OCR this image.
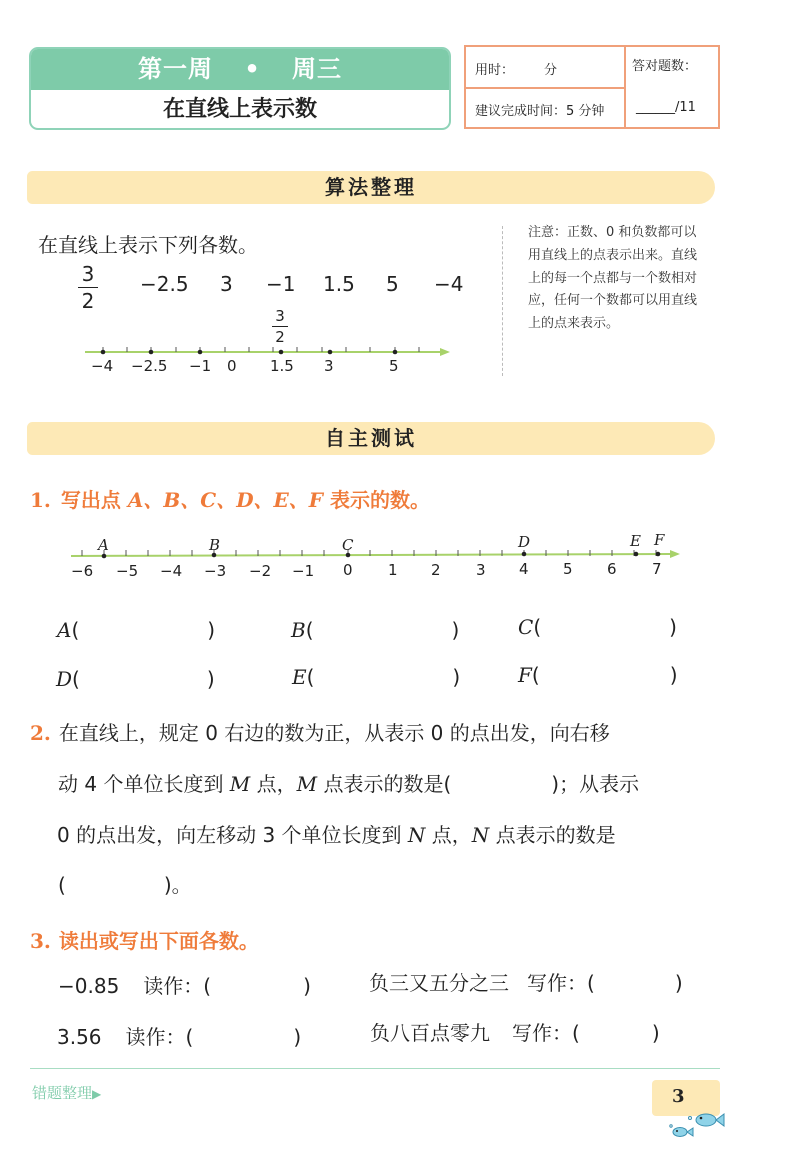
第一周 • 周三
在直线上表示数
用时： 分	答对题数：
建议完成时间：5 分钟 ______/11
算法整理
在直线上表示下列各数。
3
2
−2.5 3 −1 1.5 5 −4
3
2
−4 −2.5 −1 0 1.5 3	5
注意：正数、0 和负数都可以用直线上的点表示出来。直线上的每一个点都与一个数相对应，任何一个数都可以用直线上的点来表示。
自主测试
1. 写出点 A、B、C、D、E、F 表示的数。
A	B	C	D	E F
−6 −5 −4 −3 −2 −1 0 1 2 3 4 5 6 7
A(	)	B(	)	C(	)
D(	)	E(	)	F(	)
2. 在直线上，规定 0 右边的数为正，从表示 0 的点出发，向右移
动 4 个单位长度到 M 点，M 点表示的数是(	)；从表示
0 的点出发，向左移动 3 个单位长度到 N 点，N 点表示的数是
(	)。
3. 读出或写出下面各数。
−0.85 读作：(	)	负三又五分之三 写作：(	)
3.56 读作：(	)	负八百点零九 写作：(	)
错题整理▶	3
